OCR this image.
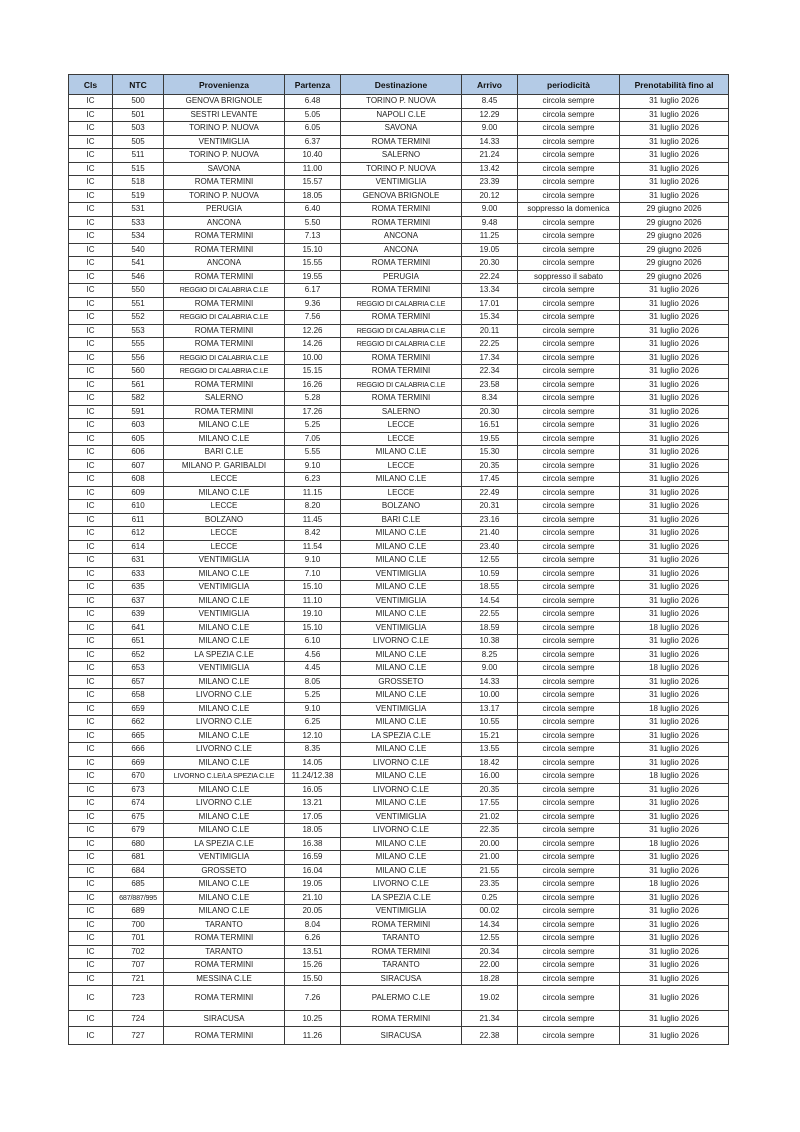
Cls	NTC	Provenienza	Partenza	Destinazione	Arrivo	periodicità	Prenotabilità fino al
IC	500	GENOVA BRIGNOLE	6.48	TORINO P. NUOVA	8.45	circola sempre	31 luglio 2026
IC	501	SESTRI LEVANTE	5.05	NAPOLI C.LE	12.29	circola sempre	31 luglio 2026
IC	503	TORINO P. NUOVA	6.05	SAVONA	9.00	circola sempre	31 luglio 2026
IC	505	VENTIMIGLIA	6.37	ROMA TERMINI	14.33	circola sempre	31 luglio 2026
IC	511	TORINO P. NUOVA	10.40	SALERNO	21.24	circola sempre	31 luglio 2026
IC	515	SAVONA	11.00	TORINO P. NUOVA	13.42	circola sempre	31 luglio 2026
IC	518	ROMA TERMINI	15.57	VENTIMIGLIA	23.39	circola sempre	31 luglio 2026
IC	519	TORINO P. NUOVA	18.05	GENOVA BRIGNOLE	20.12	circola sempre	31 luglio 2026
IC	531	PERUGIA	6.40	ROMA TERMINI	9.00	soppresso la domenica	29 giugno 2026
IC	533	ANCONA	5.50	ROMA TERMINI	9.48	circola sempre	29 giugno 2026
IC	534	ROMA TERMINI	7.13	ANCONA	11.25	circola sempre	29 giugno 2026
IC	540	ROMA TERMINI	15.10	ANCONA	19.05	circola sempre	29 giugno 2026
IC	541	ANCONA	15.55	ROMA TERMINI	20.30	circola sempre	29 giugno 2026
IC	546	ROMA TERMINI	19.55	PERUGIA	22.24	soppresso il sabato	29 giugno 2026
IC	550	REGGIO DI CALABRIA C.LE	6.17	ROMA TERMINI	13.34	circola sempre	31 luglio 2026
IC	551	ROMA TERMINI	9.36	REGGIO DI CALABRIA C.LE	17.01	circola sempre	31 luglio 2026
IC	552	REGGIO DI CALABRIA C.LE	7.56	ROMA TERMINI	15.34	circola sempre	31 luglio 2026
IC	553	ROMA TERMINI	12.26	REGGIO DI CALABRIA C.LE	20.11	circola sempre	31 luglio 2026
IC	555	ROMA TERMINI	14.26	REGGIO DI CALABRIA C.LE	22.25	circola sempre	31 luglio 2026
IC	556	REGGIO DI CALABRIA C.LE	10.00	ROMA TERMINI	17.34	circola sempre	31 luglio 2026
IC	560	REGGIO DI CALABRIA C.LE	15.15	ROMA TERMINI	22.34	circola sempre	31 luglio 2026
IC	561	ROMA TERMINI	16.26	REGGIO DI CALABRIA C.LE	23.58	circola sempre	31 luglio 2026
IC	582	SALERNO	5.28	ROMA TERMINI	8.34	circola sempre	31 luglio 2026
IC	591	ROMA TERMINI	17.26	SALERNO	20.30	circola sempre	31 luglio 2026
IC	603	MILANO C.LE	5.25	LECCE	16.51	circola sempre	31 luglio 2026
IC	605	MILANO C.LE	7.05	LECCE	19.55	circola sempre	31 luglio 2026
IC	606	BARI C.LE	5.55	MILANO C.LE	15.30	circola sempre	31 luglio 2026
IC	607	MILANO P. GARIBALDI	9.10	LECCE	20.35	circola sempre	31 luglio 2026
IC	608	LECCE	6.23	MILANO C.LE	17.45	circola sempre	31 luglio 2026
IC	609	MILANO C.LE	11.15	LECCE	22.49	circola sempre	31 luglio 2026
IC	610	LECCE	8.20	BOLZANO	20.31	circola sempre	31 luglio 2026
IC	611	BOLZANO	11.45	BARI C.LE	23.16	circola sempre	31 luglio 2026
IC	612	LECCE	8.42	MILANO C.LE	21.40	circola sempre	31 luglio 2026
IC	614	LECCE	11.54	MILANO C.LE	23.40	circola sempre	31 luglio 2026
IC	631	VENTIMIGLIA	9.10	MILANO C.LE	12.55	circola sempre	31 luglio 2026
IC	633	MILANO C.LE	7.10	VENTIMIGLIA	10.59	circola sempre	31 luglio 2026
IC	635	VENTIMIGLIA	15.10	MILANO C.LE	18.55	circola sempre	31 luglio 2026
IC	637	MILANO C.LE	11.10	VENTIMIGLIA	14.54	circola sempre	31 luglio 2026
IC	639	VENTIMIGLIA	19.10	MILANO C.LE	22.55	circola sempre	31 luglio 2026
IC	641	MILANO C.LE	15.10	VENTIMIGLIA	18.59	circola sempre	18 luglio 2026
IC	651	MILANO C.LE	6.10	LIVORNO C.LE	10.38	circola sempre	31 luglio 2026
IC	652	LA SPEZIA C.LE	4.56	MILANO C.LE	8.25	circola sempre	31 luglio 2026
IC	653	VENTIMIGLIA	4.45	MILANO C.LE	9.00	circola sempre	18 luglio 2026
IC	657	MILANO C.LE	8.05	GROSSETO	14.33	circola sempre	31 luglio 2026
IC	658	LIVORNO C.LE	5.25	MILANO C.LE	10.00	circola sempre	31 luglio 2026
IC	659	MILANO C.LE	9.10	VENTIMIGLIA	13.17	circola sempre	18 luglio 2026
IC	662	LIVORNO C.LE	6.25	MILANO C.LE	10.55	circola sempre	31 luglio 2026
IC	665	MILANO C.LE	12.10	LA SPEZIA C.LE	15.21	circola sempre	31 luglio 2026
IC	666	LIVORNO C.LE	8.35	MILANO C.LE	13.55	circola sempre	31 luglio 2026
IC	669	MILANO C.LE	14.05	LIVORNO C.LE	18.42	circola sempre	31 luglio 2026
IC	670	LIVORNO C.LE/LA SPEZIA C.LE	11.24/12.38	MILANO C.LE	16.00	circola sempre	18 luglio 2026
IC	673	MILANO C.LE	16.05	LIVORNO C.LE	20.35	circola sempre	31 luglio 2026
IC	674	LIVORNO C.LE	13.21	MILANO C.LE	17.55	circola sempre	31 luglio 2026
IC	675	MILANO C.LE	17.05	VENTIMIGLIA	21.02	circola sempre	31 luglio 2026
IC	679	MILANO C.LE	18.05	LIVORNO C.LE	22.35	circola sempre	31 luglio 2026
IC	680	LA SPEZIA C.LE	16.38	MILANO C.LE	20.00	circola sempre	18 luglio 2026
IC	681	VENTIMIGLIA	16.59	MILANO C.LE	21.00	circola sempre	31 luglio 2026
IC	684	GROSSETO	16.04	MILANO C.LE	21.55	circola sempre	31 luglio 2026
IC	685	MILANO C.LE	19.05	LIVORNO C.LE	23.35	circola sempre	18 luglio 2026
IC	687/887/995	MILANO C.LE	21.10	LA SPEZIA C.LE	0.25	circola sempre	31 luglio 2026
IC	689	MILANO C.LE	20.05	VENTIMIGLIA	00.02	circola sempre	31 luglio 2026
IC	700	TARANTO	8.04	ROMA TERMINI	14.34	circola sempre	31 luglio 2026
IC	701	ROMA TERMINI	6.26	TARANTO	12.55	circola sempre	31 luglio 2026
IC	702	TARANTO	13.51	ROMA TERMINI	20.34	circola sempre	31 luglio 2026
IC	707	ROMA TERMINI	15.26	TARANTO	22.00	circola sempre	31 luglio 2026
IC	721	MESSINA C.LE	15.50	SIRACUSA	18.28	circola sempre	31 luglio 2026
IC	723	ROMA TERMINI	7.26	PALERMO C.LE	19.02	circola sempre	31 luglio 2026
IC	724	SIRACUSA	10.25	ROMA TERMINI	21.34	circola sempre	31 luglio 2026
IC	727	ROMA TERMINI	11.26	SIRACUSA	22.38	circola sempre	31 luglio 2026
